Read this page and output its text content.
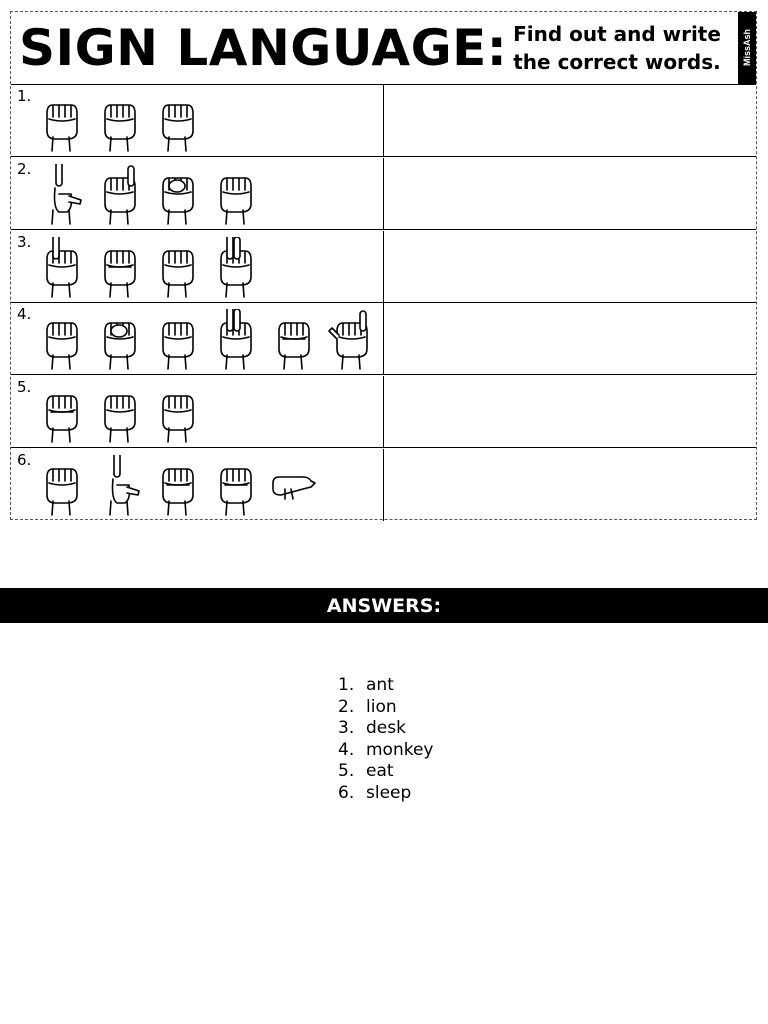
SIGN LANGUAGE: Find out and write
the correct words.	MissAsh
1.
2.
3.
4.
5.
6.
ANSWERS:
1. ant
2. lion
3. desk
4. monkey
5. eat
6. sleep
